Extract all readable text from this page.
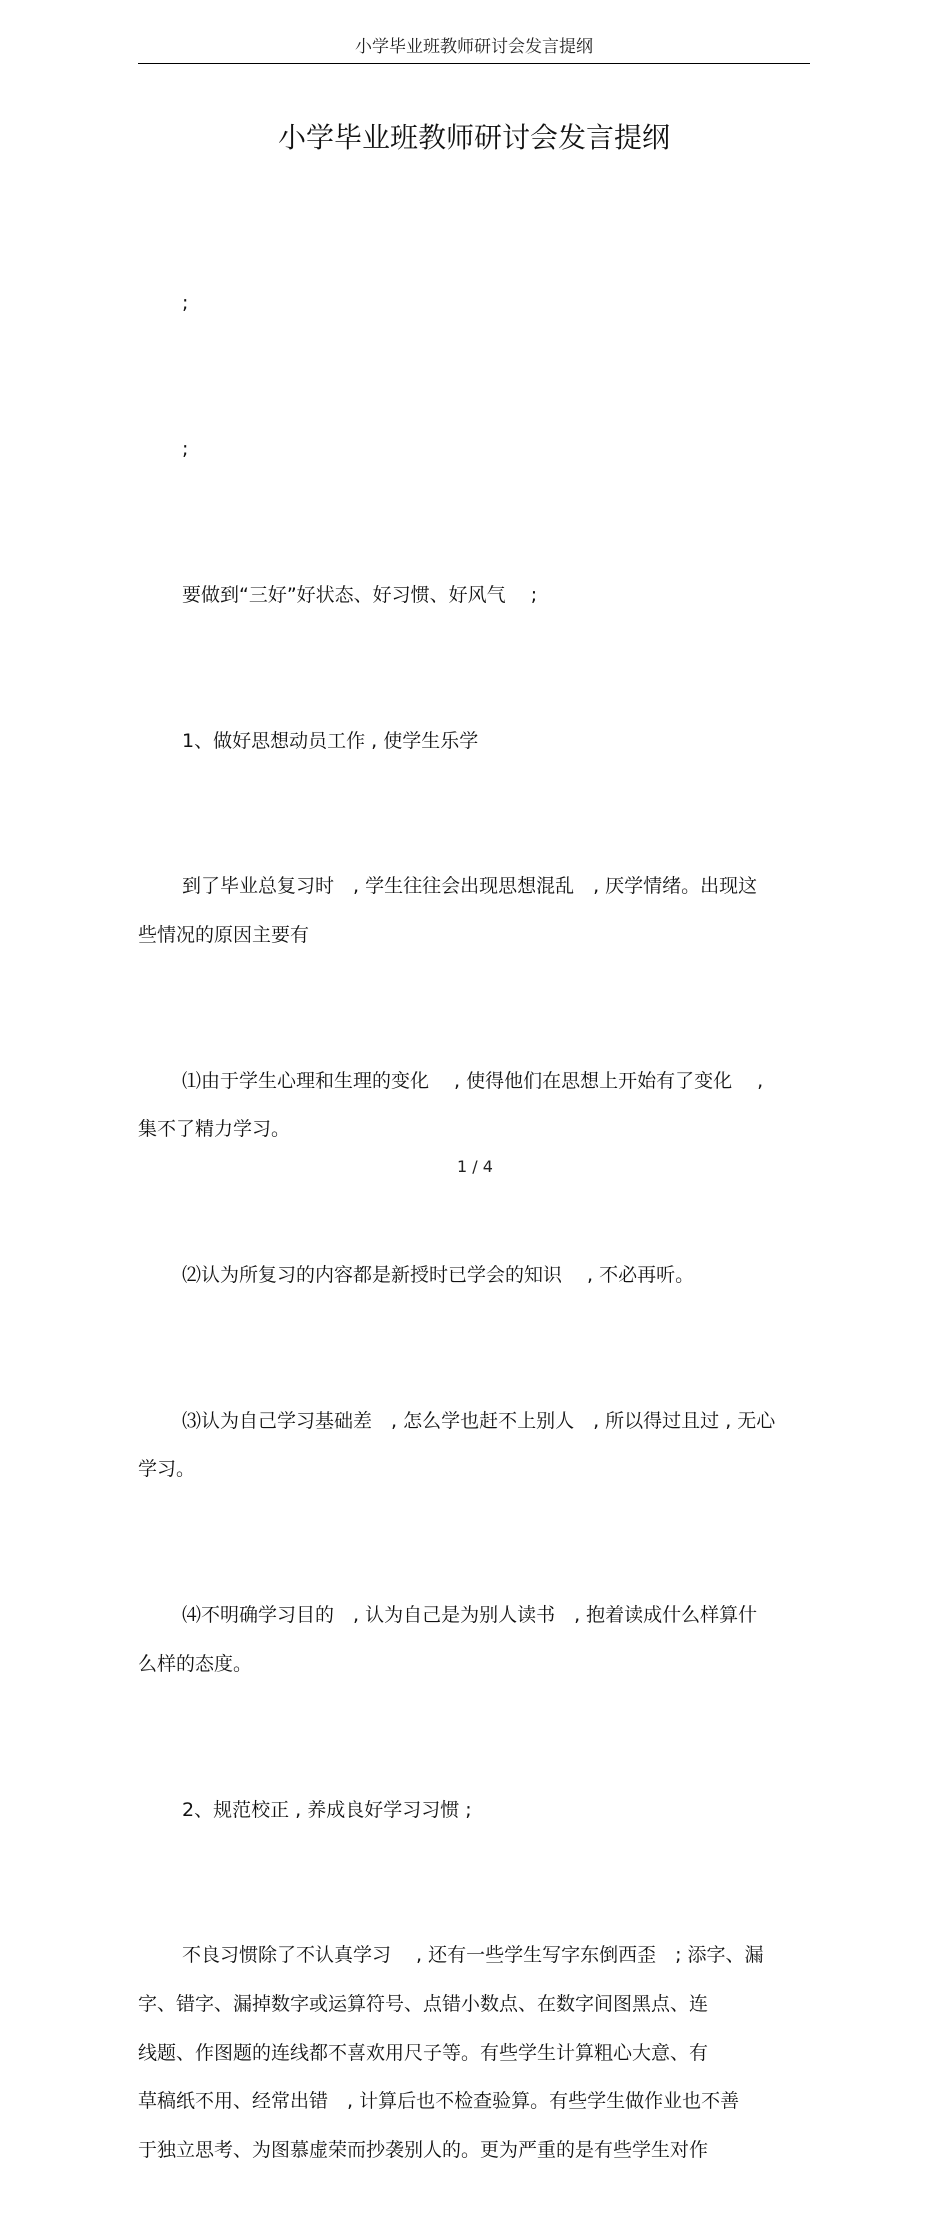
小学毕业班教师研讨会发言提纲
小学毕业班教师研讨会发言提纲

;

;

要做到“三好”好状态、好习惯、好风气　 ;

1、做好思想动员工作 , 使学生乐学

到了毕业总复习时　, 学生往往会出现思想混乱　, 厌学情绪。出现这
些情况的原因主要有

⑴由于学生心理和生理的变化　 , 使得他们在思想上开始有了变化　 ,
集不了精力学习。

⑵认为所复习的内容都是新授时已学会的知识　 , 不必再听。

⑶认为自己学习基础差　, 怎么学也赶不上别人　, 所以得过且过 , 无心
学习。

⑷不明确学习目的　, 认为自己是为别人读书　, 抱着读成什么样算什
么样的态度。

2、规范校正 , 养成良好学习习惯 ;

不良习惯除了不认真学习　 , 还有一些学生写字东倒西歪　; 添字、漏
字、错字、漏掉数字或运算符号、点错小数点、在数字间图黑点、连
线题、作图题的连线都不喜欢用尺子等。有些学生计算粗心大意、有
草稿纸不用、经常出错　, 计算后也不检查验算。有些学生做作业也不善
于独立思考、为图慕虚荣而抄袭别人的。更为严重的是有些学生对作

1 / 4
